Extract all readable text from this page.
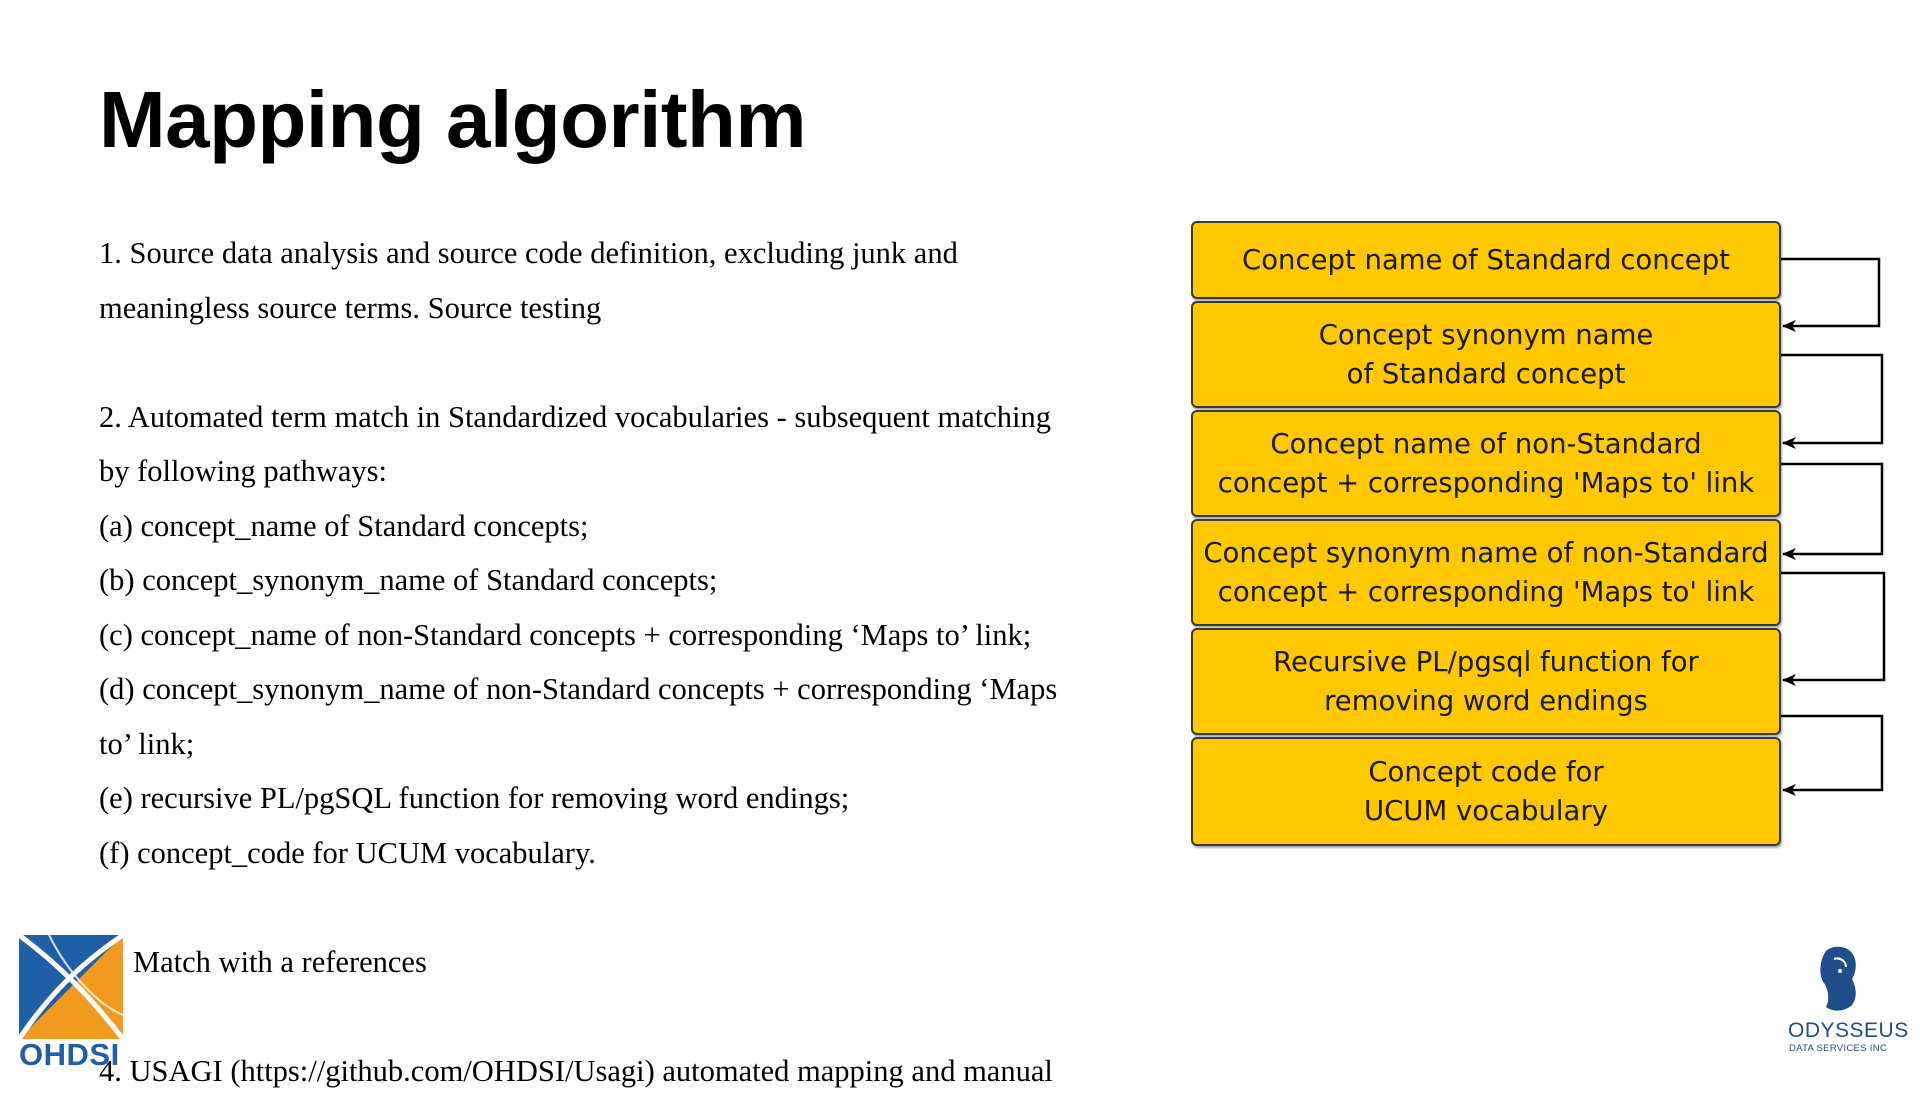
Mapping algorithm
1. Source data analysis and source code definition, excluding junk and
meaningless source terms. Source testing
2. Automated term match in Standardized vocabularies - subsequent matching
by following pathways:
(a) concept_name of Standard concepts;
(b) concept_synonym_name of Standard concepts;
(c) concept_name of non-Standard concepts + corresponding ‘Maps to’ link;
(d) concept_synonym_name of non-Standard concepts + corresponding ‘Maps
to’ link;
(e) recursive PL/pgSQL function for removing word endings;
(f) concept_code for UCUM vocabulary.
Match with a references
4. USAGI (https://github.com/OHDSI/Usagi) automated mapping and manual
Concept name of Standard concept
Concept synonym name
of Standard concept
Concept name of non-Standard
concept + corresponding 'Maps to' link
Concept synonym name of non-Standard
concept + corresponding 'Maps to' link
Recursive PL/pgsql function for
removing word endings
Concept code for
UCUM vocabulary
OHDSI
ODYSSEUS
DATA SERVICES INC
